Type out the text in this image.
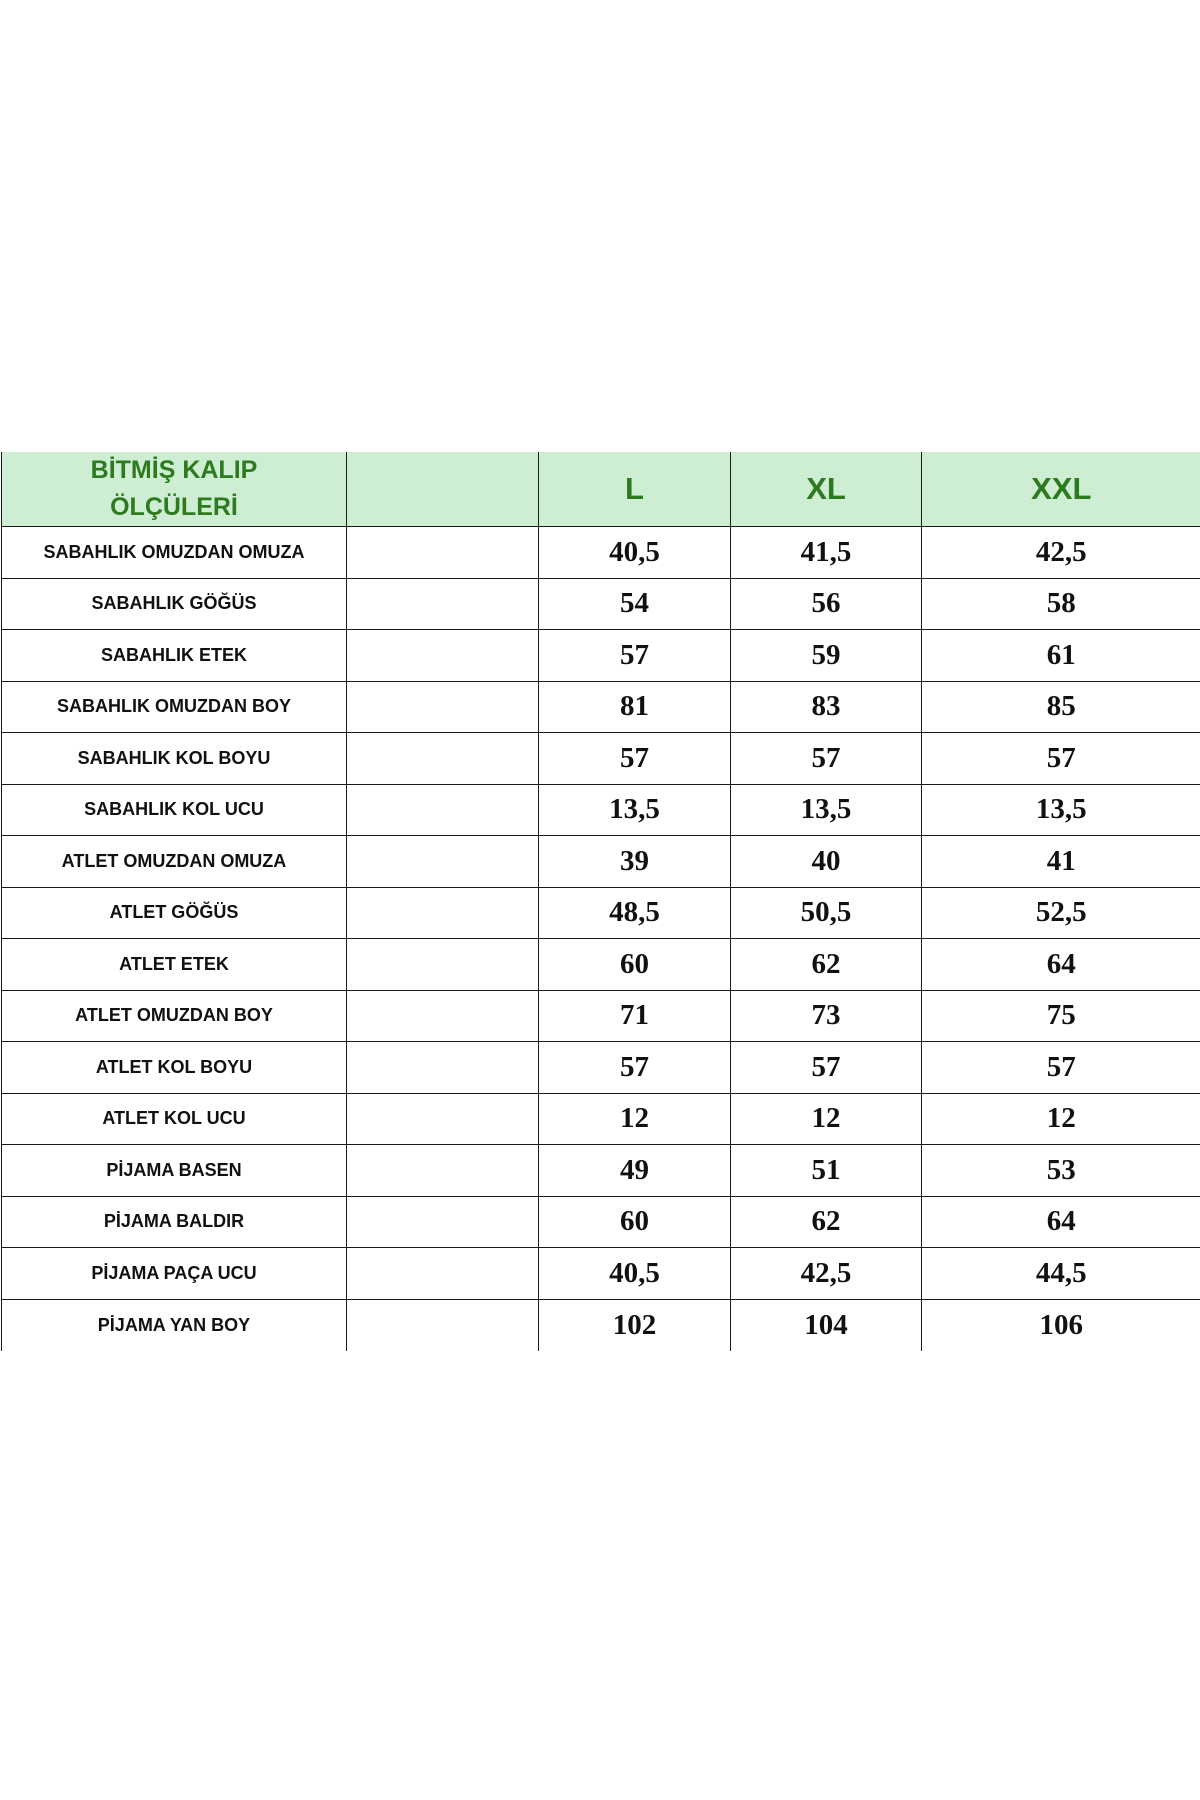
BİTMİŞ KALIP
ÖLÇÜLERİ		L	XL	XXL
SABAHLIK OMUZDAN OMUZA		40,5	41,5	42,5
SABAHLIK GÖĞÜS		54	56	58
SABAHLIK ETEK		57	59	61
SABAHLIK OMUZDAN BOY		81	83	85
SABAHLIK KOL BOYU		57	57	57
SABAHLIK KOL UCU		13,5	13,5	13,5
ATLET OMUZDAN OMUZA		39	40	41
ATLET GÖĞÜS		48,5	50,5	52,5
ATLET ETEK		60	62	64
ATLET OMUZDAN BOY		71	73	75
ATLET KOL BOYU		57	57	57
ATLET KOL UCU		12	12	12
PİJAMA BASEN		49	51	53
PİJAMA BALDIR		60	62	64
PİJAMA PAÇA UCU		40,5	42,5	44,5
PİJAMA YAN BOY		102	104	106
